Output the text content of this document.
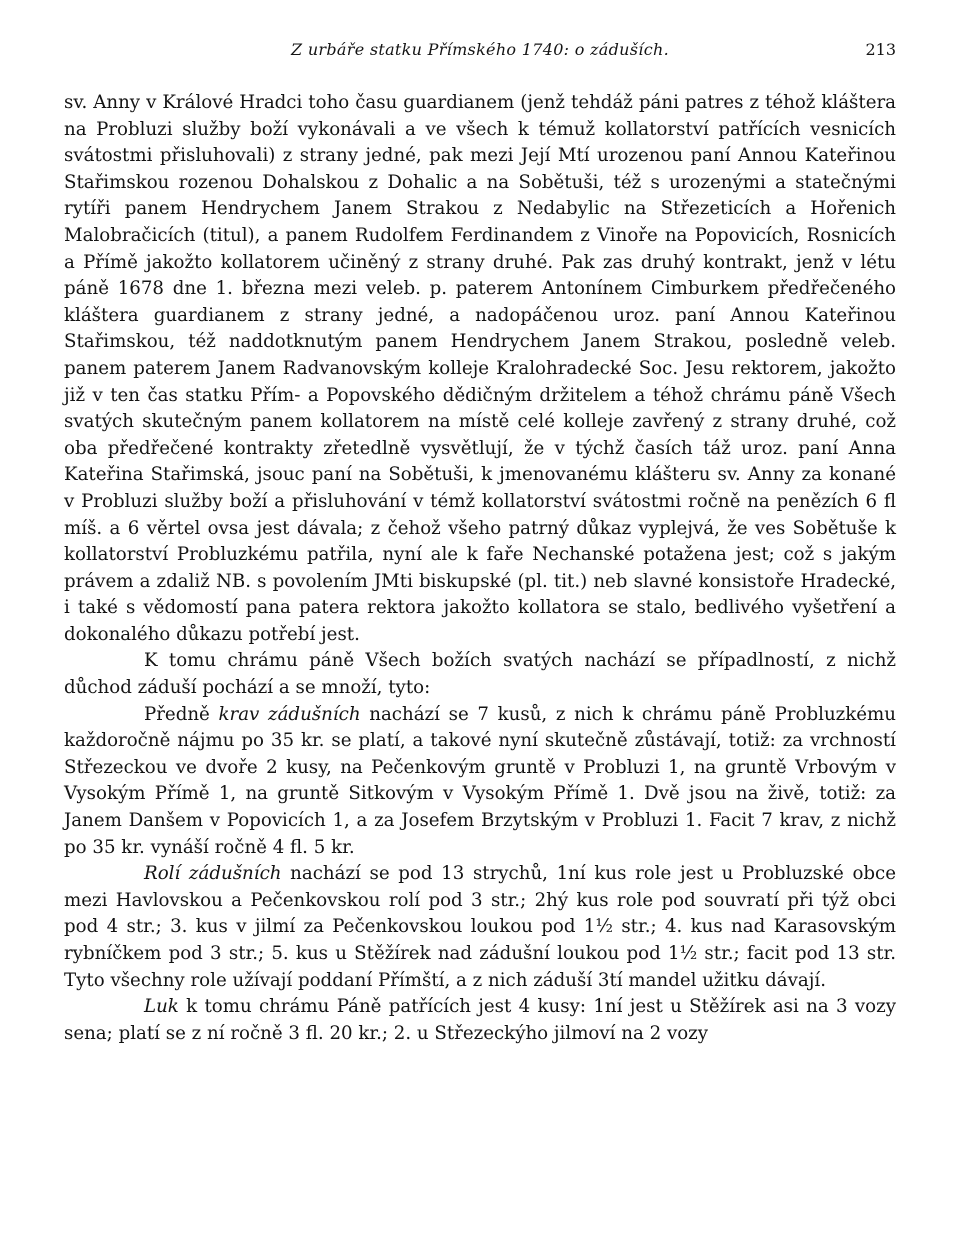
Z urbáře statku Přímského 1740: o záduších.	213

sv. Anny v Králové Hradci toho času guardianem (jenž tehdáž páni patres z téhož kláštera na Probluzi služby boží vykonávali a ve všech k témuž kollatorství patřících vesnicích svátostmi přisluhovali) z strany jedné, pak mezi Její Mtí urozenou paní Annou Kateřinou Stařimskou rozenou Dohalskou z Dohalic a na Sobětuši, též s urozenými a statečnými rytíři panem Hendrychem Janem Strakou z Nedabylic na Střezeticích a Hořenich Malobračicích (titul), a panem Rudolfem Ferdinandem z Vinoře na Popovicích, Rosnicích a Přímě jakožto kollatorem učiněný z strany druhé. Pak zas druhý kontrakt, jenž v létu páně 1678 dne 1. března mezi veleb. p. paterem Antonínem Cimburkem předřečeného kláštera guardianem z strany jedné, a nadopáčenou uroz. paní Annou Kateřinou Stařimskou, též naddotknutým panem Hendrychem Janem Strakou, posledně veleb. panem paterem Janem Radvanovským kolleje Kralohradecké Soc. Jesu rektorem, jakožto již v ten čas statku Přím- a Popovského dědičným držitelem a téhož chrámu páně Všech svatých skutečným panem kollatorem na místě celé kolleje zavřený z strany druhé, což oba předřečené kontrakty zřetedlně vysvětlují, že v týchž časích táž uroz. paní Anna Kateřina Stařimská, jsouc paní na Sobětuši, k jmenovanému klášteru sv. Anny za konané v Probluzi služby boží a přisluhování v témž kollatorství svátostmi ročně na penězích 6 ﬂ míš. a 6 věrtel ovsa jest dávala; z čehož všeho patrný důkaz vyplejvá, že ves Sobětuše k kollatorství Probluzkému patřila, nyní ale k faře Nechanské potažena jest; což s jakým právem a zdaliž NB. s povolením JMti biskupské (pl. tit.) neb slavné konsistoře Hradecké, i také s vědomostí pana patera rektora jakožto kollatora se stalo, bedlivého vyšetření a dokonalého důkazu potřebí jest.

K tomu chrámu páně Všech božích svatých nachází se případlností, z nichž důchod záduší pochází a se množí, tyto:

Předně krav zádušních nachází se 7 kusů, z nich k chrámu páně Probluzkému každoročně nájmu po 35 kr. se platí, a takové nyní skutečně zůstávají, totiž: za vrchností Střezeckou ve dvoře 2 kusy, na Pečenkovým gruntě v Probluzi 1, na gruntě Vrbovým v Vysokým Přímě 1, na gruntě Sitkovým v Vysokým Přímě 1. Dvě jsou na živě, totiž: za Janem Danšem v Popovicích 1, a za Josefem Brzytským v Probluzi 1. Facit 7 krav, z nichž po 35 kr. vynáší ročně 4 fl. 5 kr.

Rolí zádušních nachází se pod 13 strychů, 1ní kus role jest u Probluzské obce mezi Havlovskou a Pečenkovskou rolí pod 3 str.; 2hý kus role pod souvratí při týž obci pod 4 str.; 3. kus v jilmí za Pečenkovskou loukou pod 1½ str.; 4. kus nad Karasovským rybníčkem pod 3 str.; 5. kus u Stěžírek nad zádušní loukou pod 1½ str.; facit pod 13 str. Tyto všechny role užívají poddaní Přímští, a z nich záduší 3tí mandel užitku dávají.

Luk k tomu chrámu Páně patřících jest 4 kusy: 1ní jest u Stěžírek asi na 3 vozy sena; platí se z ní ročně 3 fl. 20 kr.; 2. u Střezeckýho jilmoví na 2 vozy
